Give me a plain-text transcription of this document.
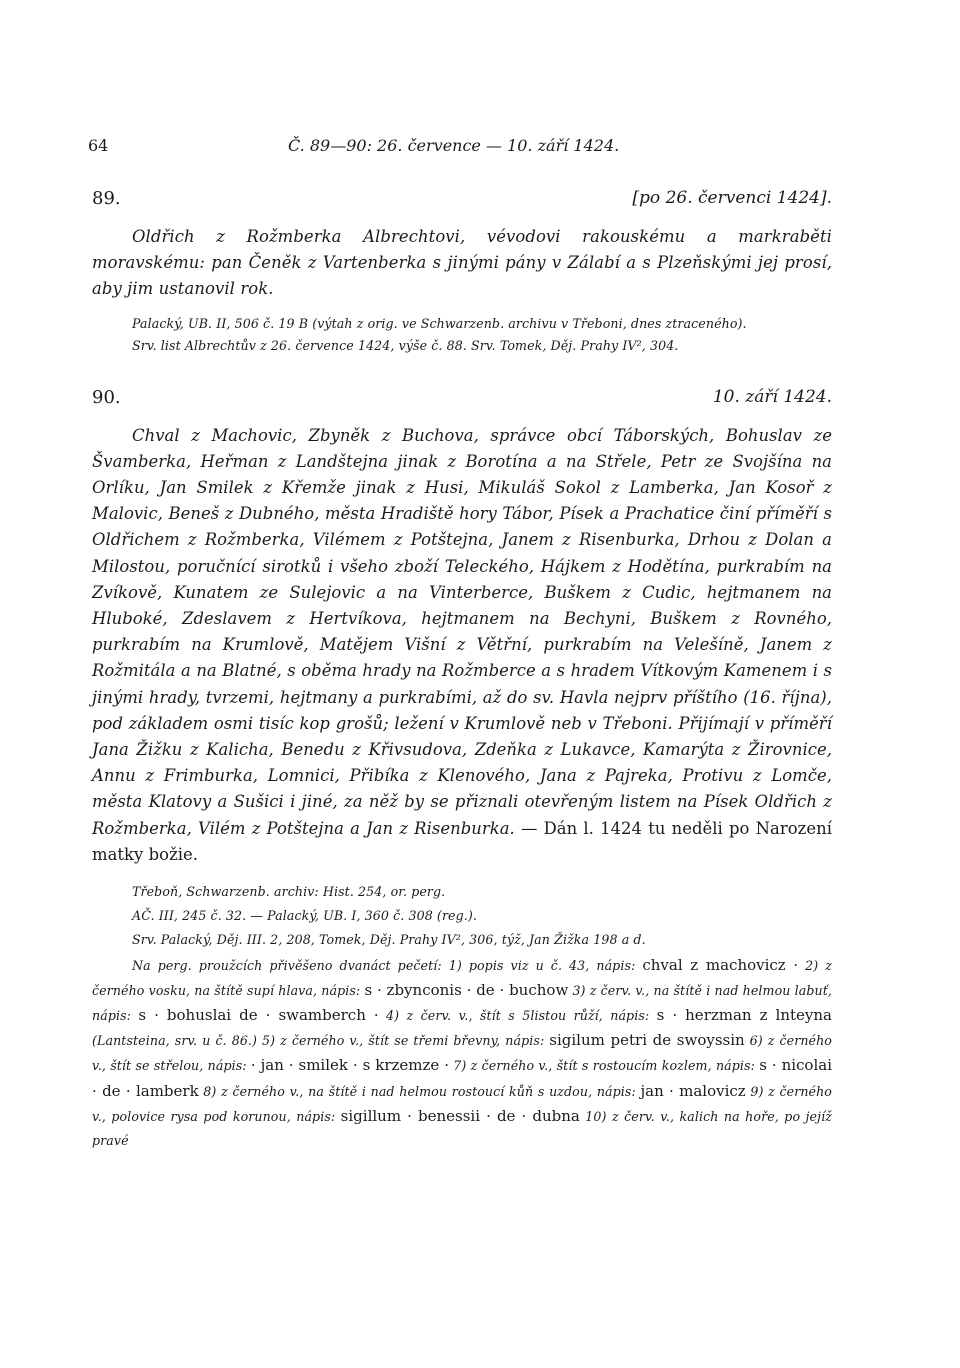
64	Č. 89—90: 26. července — 10. září 1424.
89.	[po 26. červenci 1424].

Oldřich z Rožmberka Albrechtovi, vévodovi rakouskému a markraběti moravskému: pan Čeněk z Vartenberka s jinými pány v Zálabí a s Plzeňskými jej prosí, aby jim ustanovil rok.

Palacký, UB. II, 506 č. 19 B (výtah z orig. ve Schwarzenb. archivu v Třeboni, dnes ztraceného).

Srv. list Albrechtův z 26. července 1424, výše č. 88. Srv. Tomek, Děj. Prahy IV², 304.

90.	10. září 1424.

Chval z Machovic, Zbyněk z Buchova, správce obcí Táborských, Bohuslav ze Švamberka, Heřman z Landštejna jinak z Borotína a na Střele, Petr ze Svojšína na Orlíku, Jan Smilek z Křemže jinak z Husi, Mikuláš Sokol z Lamberka, Jan Kosoř z Malovic, Beneš z Dubného, města Hradiště hory Tábor, Písek a Prachatice činí příměří s Oldřichem z Rožmberka, Vilémem z Potštejna, Janem z Risenburka, Drhou z Dolan a Milostou, poručnící sirotků i všeho zboží Teleckého, Hájkem z Hodětína, purkrabím na Zvíkově, Kunatem ze Sulejovic a na Vinterberce, Buškem z Cudic, hejtmanem na Hluboké, Zdeslavem z Hertvíkova, hejtmanem na Bechyni, Buškem z Rovného, purkrabím na Krumlově, Matějem Višní z Větřní, purkrabím na Velešíně, Janem z Rožmitála a na Blatné, s oběma hrady na Rožmberce a s hradem Vítkovým Kamenem i s jinými hrady, tvrzemi, hejtmany a purkrabími, až do sv. Havla nejprv příštího (16. října), pod základem osmi tisíc kop grošů; ležení v Krumlově neb v Třeboni. Přijímají v příměří Jana Žižku z Kalicha, Benedu z Křivsudova, Zdeňka z Lukavce, Kamarýta z Žirovnice, Annu z Frimburka, Lomnici, Přibíka z Klenového, Jana z Pajreka, Protivu z Lomče, města Klatovy a Sušici i jiné, za něž by se přiznali otevřeným listem na Písek Oldřich z Rožmberka, Vilém z Potštejna a Jan z Risenburka. — Dán l. 1424 tu neděli po Narození matky božie.

Třeboň, Schwarzenb. archiv: Hist. 254, or. perg.

AČ. III, 245 č. 32. — Palacký, UB. I, 360 č. 308 (reg.).

Srv. Palacký, Děj. III. 2, 208, Tomek, Děj. Prahy IV², 306, týž, Jan Žižka 198 a d.

Na perg. proužcích přivěšeno dvanáct pečetí: 1) popis viz u č. 43, nápis: chval z machovicz · 2) z černého vosku, na štítě supí hlava, nápis: s · zbynconis · de · buchow 3) z červ. v., na štítě i nad helmou labuť, nápis: s · bohuslai de · swamberch · 4) z červ. v., štít s 5listou růží, nápis: s · herzman z lnteyna (Lantsteina, srv. u č. 86.) 5) z černého v., štít se třemi břevny, nápis: sigilum petri de swoyssin 6) z černého v., štít se střelou, nápis: · jan · smilek · s krzemze · 7) z černého v., štít s rostoucím kozlem, nápis: s · nicolai · de · lamberk 8) z černého v., na štítě i nad helmou rostoucí kůň s uzdou, nápis: jan · malovicz 9) z černého v., polovice rysa pod korunou, nápis: sigillum · benessii · de · dubna 10) z červ. v., kalich na hoře, po jejíž pravé
